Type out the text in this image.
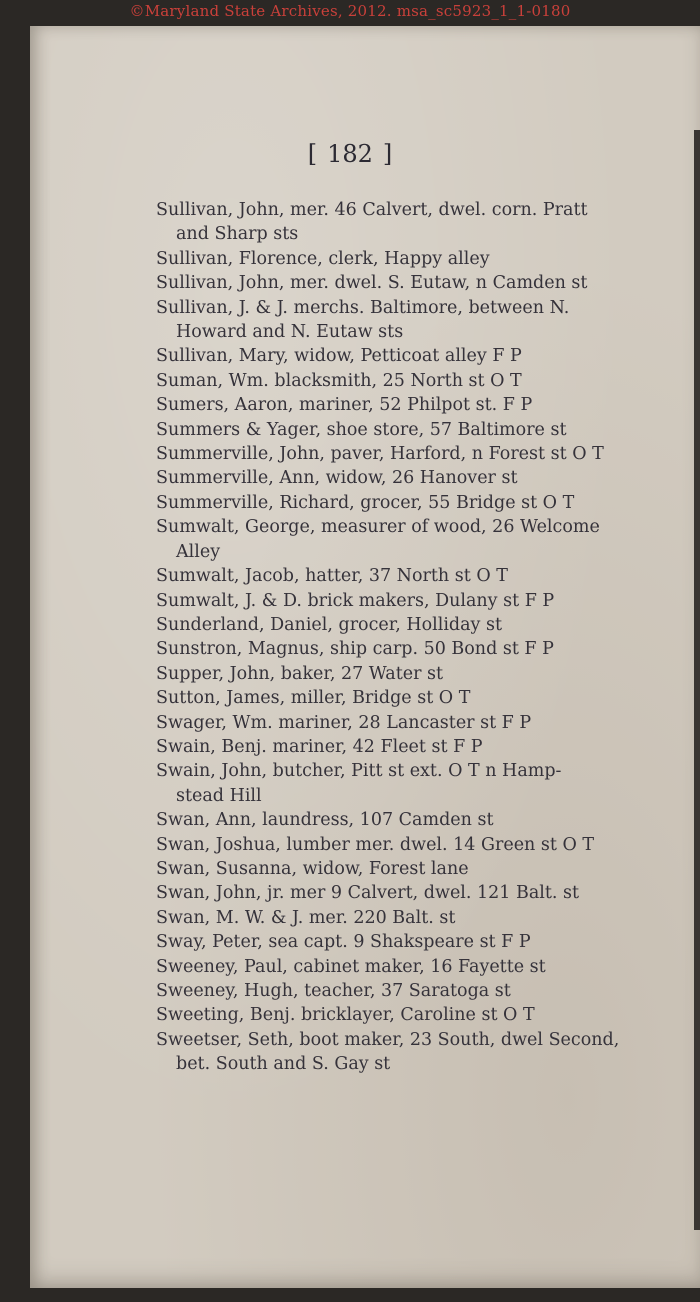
©Maryland State Archives, 2012. msa_sc5923_1_1-0180
[ 182 ]
Sullivan, John, mer. 46 Calvert, dwel. corn. Pratt
and Sharp sts
Sullivan, Florence, clerk, Happy alley
Sullivan, John, mer. dwel. S. Eutaw, n Camden st
Sullivan, J. & J. merchs. Baltimore, between N.
Howard and N. Eutaw sts
Sullivan, Mary, widow, Petticoat alley F P
Suman, Wm. blacksmith, 25 North st O T
Sumers, Aaron, mariner, 52 Philpot st. F P
Summers & Yager, shoe store, 57 Baltimore st
Summerville, John, paver, Harford, n Forest st O T
Summerville, Ann, widow, 26 Hanover st
Summerville, Richard, grocer, 55 Bridge st O T
Sumwalt, George, measurer of wood, 26 Welcome
Alley
Sumwalt, Jacob, hatter, 37 North st O T
Sumwalt, J. & D. brick makers, Dulany st F P
Sunderland, Daniel, grocer, Holliday st
Sunstron, Magnus, ship carp. 50 Bond st F P
Supper, John, baker, 27 Water st
Sutton, James, miller, Bridge st O T
Swager, Wm. mariner, 28 Lancaster st F P
Swain, Benj. mariner, 42 Fleet st F P
Swain, John, butcher, Pitt st ext. O T n Hamp-
stead Hill
Swan, Ann, laundress, 107 Camden st
Swan, Joshua, lumber mer. dwel. 14 Green st O T
Swan, Susanna, widow, Forest lane
Swan, John, jr. mer 9 Calvert, dwel. 121 Balt. st
Swan, M. W. & J. mer. 220 Balt. st
Sway, Peter, sea capt. 9 Shakspeare st F P
Sweeney, Paul, cabinet maker, 16 Fayette st
Sweeney, Hugh, teacher, 37 Saratoga st
Sweeting, Benj. bricklayer, Caroline st O T
Sweetser, Seth, boot maker, 23 South, dwel Second,
bet. South and S. Gay st
